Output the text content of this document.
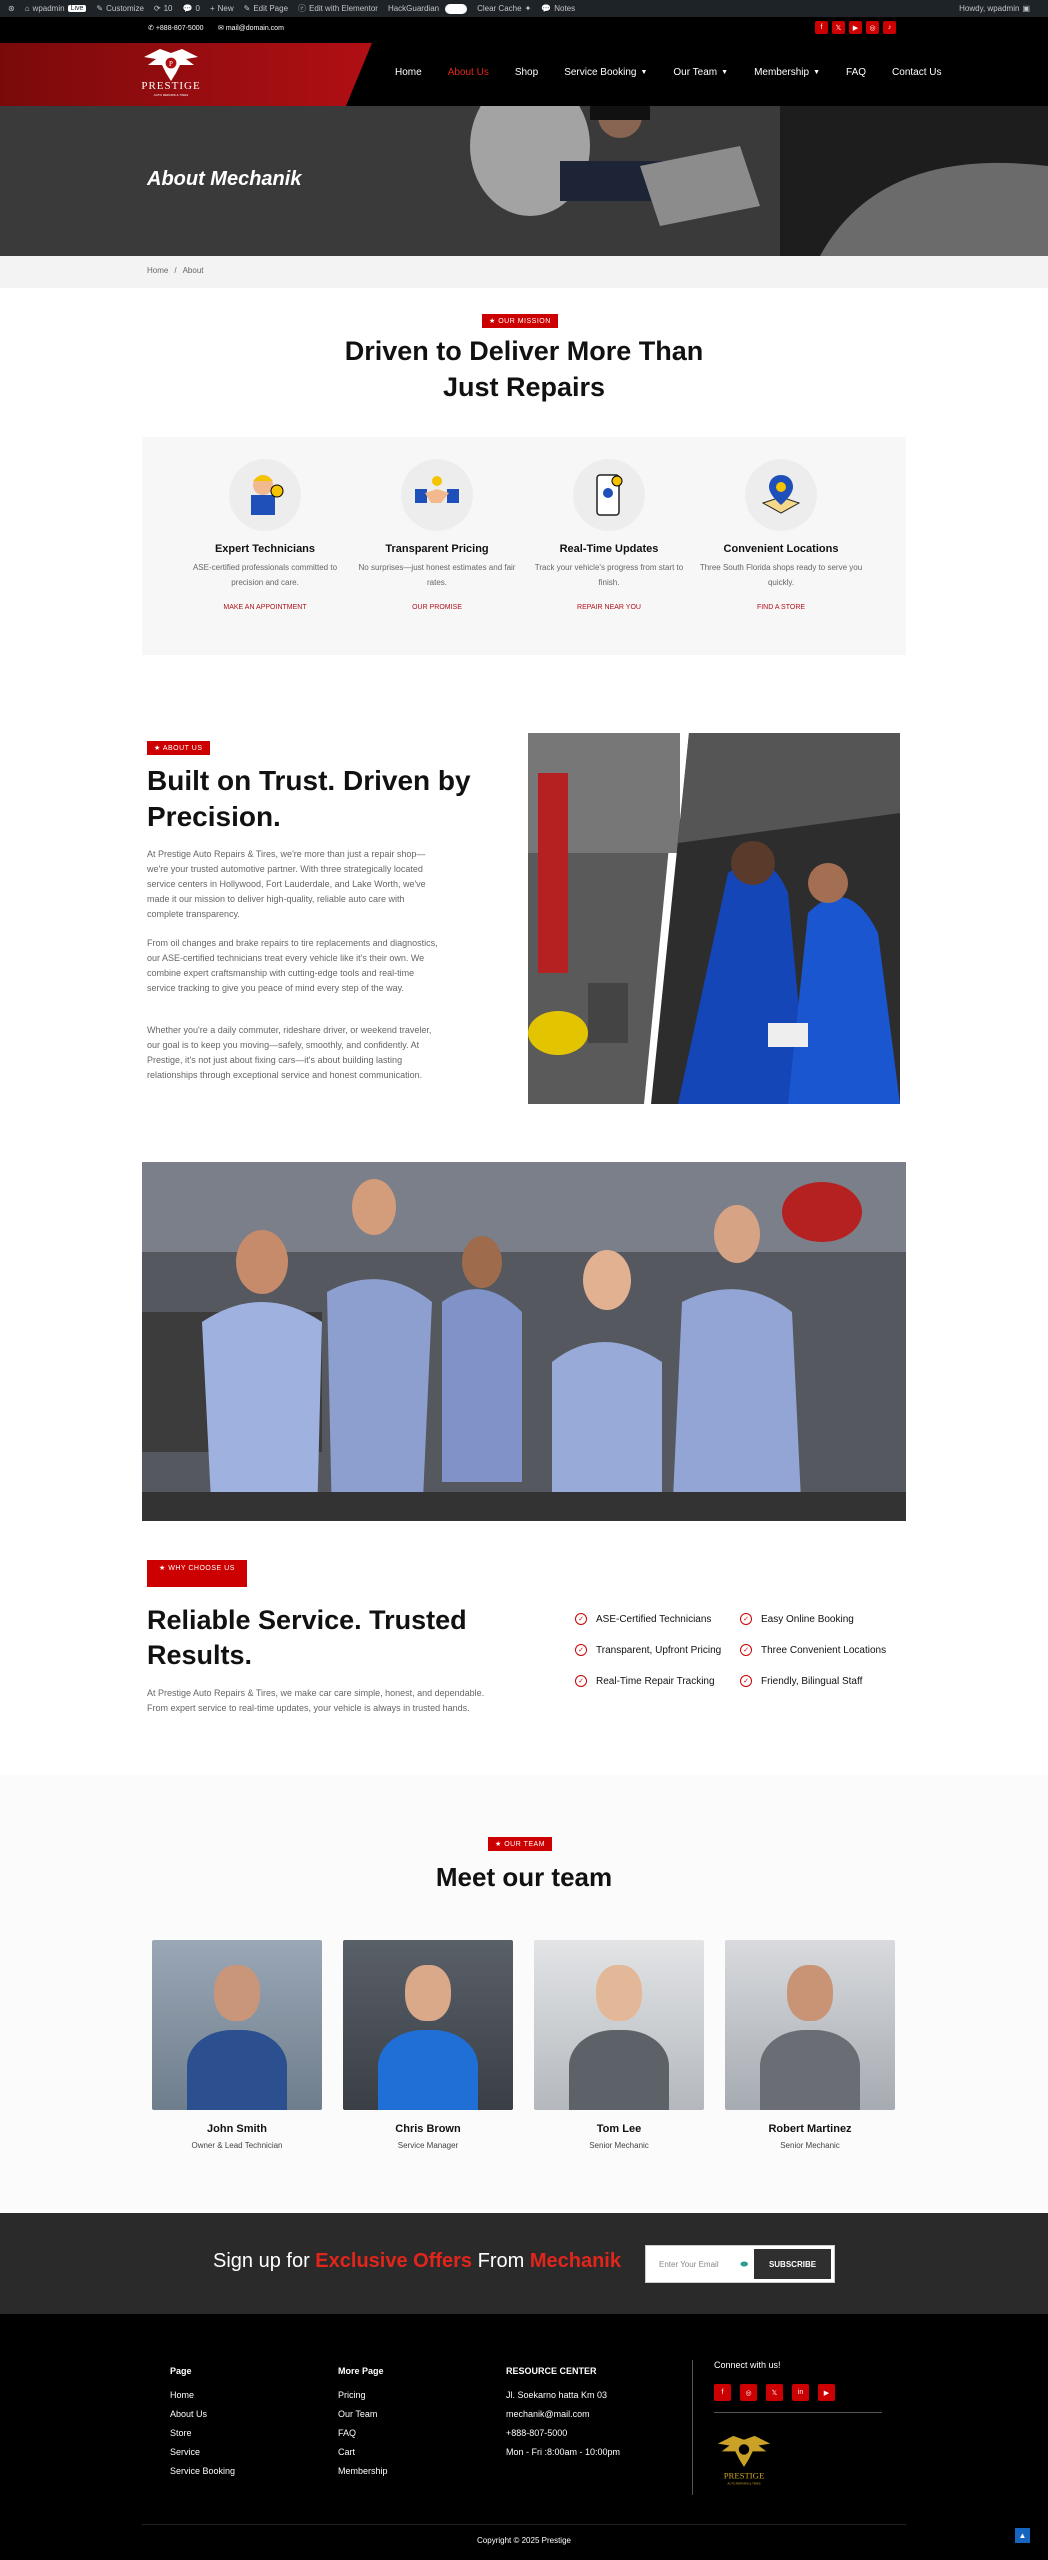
⊛ ⌂ wpadmin Live	✎ Customize ⟳ 10 💬 0 + New ✎ Edit Page ⓔ Edit with Elementor HackGuardian	Clear Cache ✦ 💬 Notes	Howdy, wpadmin ▣
✆ +888-807-5000 ✉ mail@domain.com	f	𝕏	▶	◎	♪
P
PRESTIGE
AUTO REPAIRS & TIRES
Home	About Us	Shop	Service Booking ▼	Our Team ▼	Membership ▼	FAQ	Contact Us
About Mechanik
Home / About
★ OUR MISSION
Driven to Deliver More Than
Just Repairs
Expert Technicians

ASE-certified professionals committed to precision and care.

MAKE AN APPOINTMENT
Transparent Pricing

No surprises—just honest estimates and fair rates.

OUR PROMISE
Real-Time Updates

Track your vehicle's progress from start to finish.

REPAIR NEAR YOU
Convenient Locations

Three South Florida shops ready to serve you quickly.

FIND A STORE
★ ABOUT US
Built on Trust. Driven by Precision.

At Prestige Auto Repairs & Tires, we're more than just a repair shop—we're your trusted automotive partner. With three strategically located service centers in Hollywood, Fort Lauderdale, and Lake Worth, we've made it our mission to deliver high-quality, reliable auto care with complete transparency.

From oil changes and brake repairs to tire replacements and diagnostics, our ASE-certified technicians treat every vehicle like it's their own. We combine expert craftsmanship with cutting-edge tools and real-time service tracking to give you peace of mind every step of the way.

Whether you're a daily commuter, rideshare driver, or weekend traveler, our goal is to keep you moving—safely, smoothly, and confidently. At Prestige, it's not just about fixing cars—it's about building lasting relationships through exceptional service and honest communication.

★ WHY CHOOSE US
Reliable Service. Trusted Results.

At Prestige Auto Repairs & Tires, we make car care simple, honest, and dependable. From expert service to real-time updates, your vehicle is always in trusted hands.

✓	ASE-Certified Technicians
✓	Transparent, Upfront Pricing
✓	Real-Time Repair Tracking
✓	Easy Online Booking
✓	Three Convenient Locations
✓	Friendly, Bilingual Staff
★ OUR TEAM
Meet our team
John Smith

Owner & Lead Technician

Chris Brown

Service Manager

Tom Lee

Senior Mechanic

Robert Martinez

Senior Mechanic

Sign up for Exclusive Offers From Mechanik	Enter Your Email	⬬	SUBSCRIBE
Page
Home
About Us
Store
Service
Service Booking
More Page
Pricing
Our Team
FAQ
Cart
Membership
RESOURCE CENTER
Jl. Soekarno hatta Km 03
mechanik@mail.com
+888-807-5000
Mon - Fri :8:00am - 10:00pm
Connect with us!
f	◎	𝕏	in	▶
PRESTIGE
AUTO REPAIRS & TIRES
Copyright © 2025 Prestige
▲
